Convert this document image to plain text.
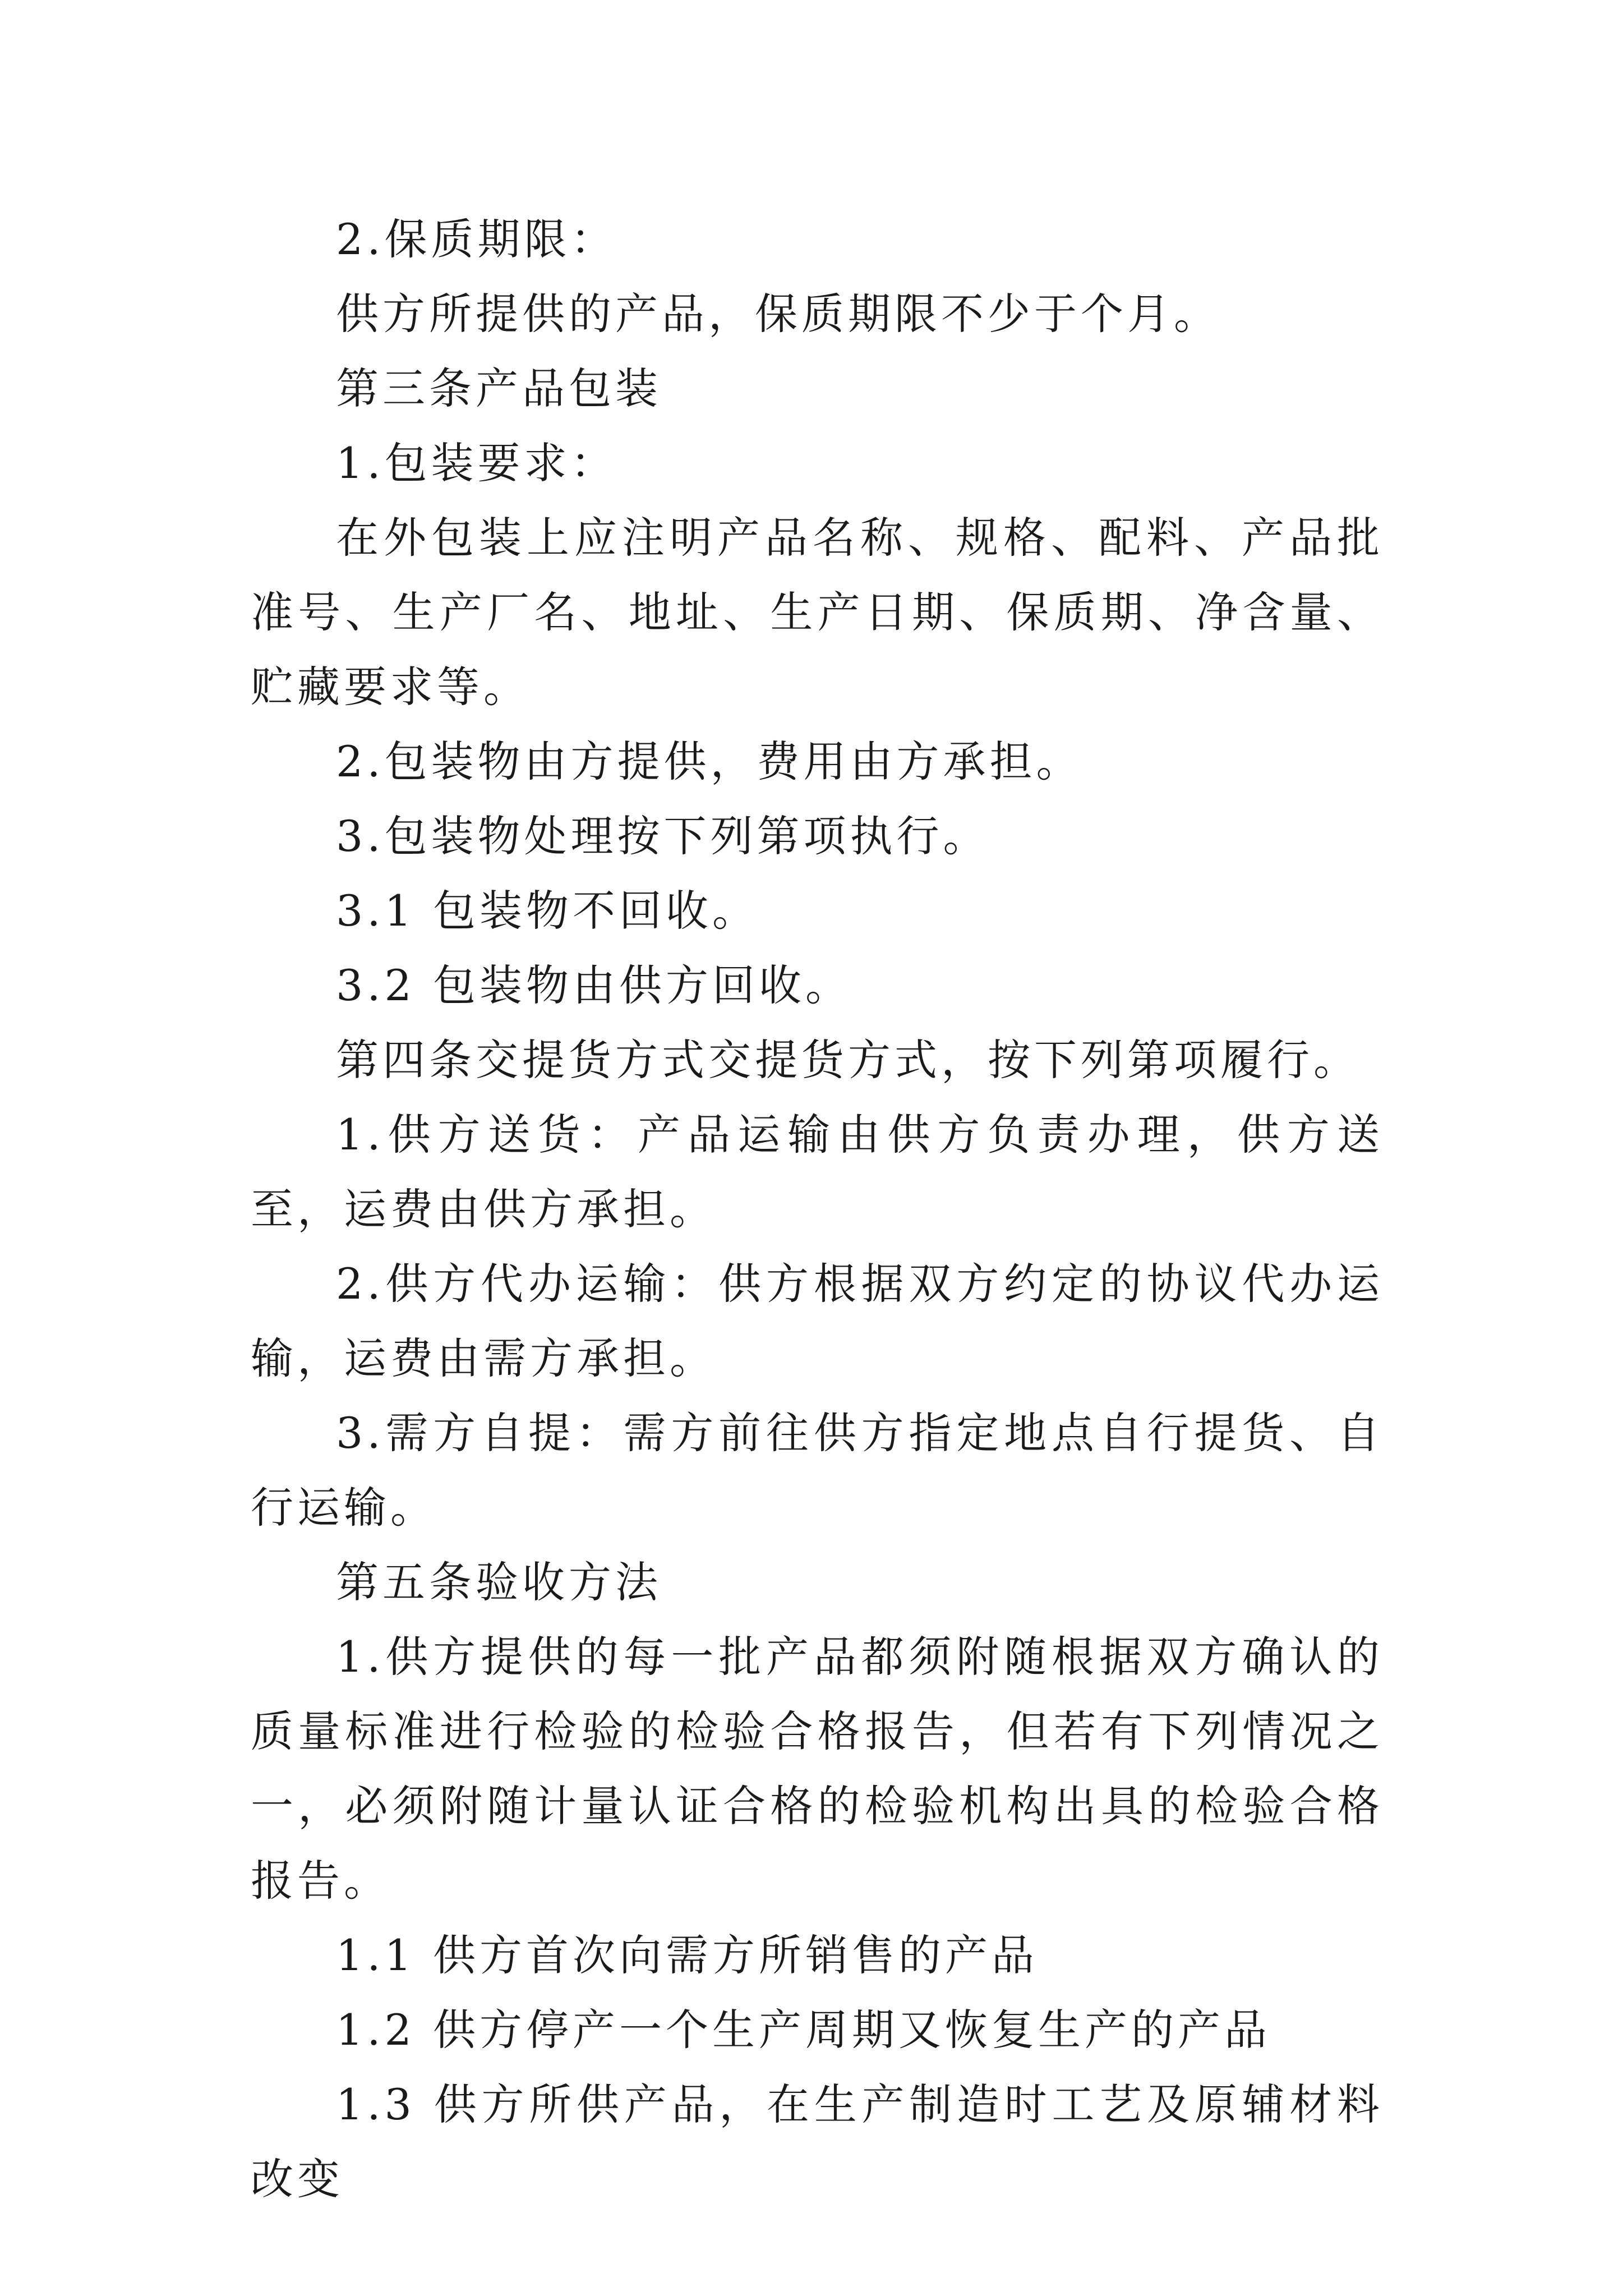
2.保质期限：

供方所提供的产品，保质期限不少于个月。

第三条产品包装

1.包装要求：

在外包装上应注明产品名称、规格、配料、产品批准号、生产厂名、地址、生产日期、保质期、净含量、贮藏要求等。

2.包装物由方提供，费用由方承担。

3.包装物处理按下列第项执行。

3.1 包装物不回收。

3.2 包装物由供方回收。

第四条交提货方式交提货方式，按下列第项履行。

1.供方送货：产品运输由供方负责办理，供方送至，运费由供方承担。

2.供方代办运输：供方根据双方约定的协议代办运输，运费由需方承担。

3.需方自提：需方前往供方指定地点自行提货、自行运输。

第五条验收方法

1.供方提供的每一批产品都须附随根据双方确认的质量标准进行检验的检验合格报告，但若有下列情况之一，必须附随计量认证合格的检验机构出具的检验合格报告。

1.1 供方首次向需方所销售的产品

1.2 供方停产一个生产周期又恢复生产的产品

1.3 供方所供产品，在生产制造时工艺及原辅材料改变
